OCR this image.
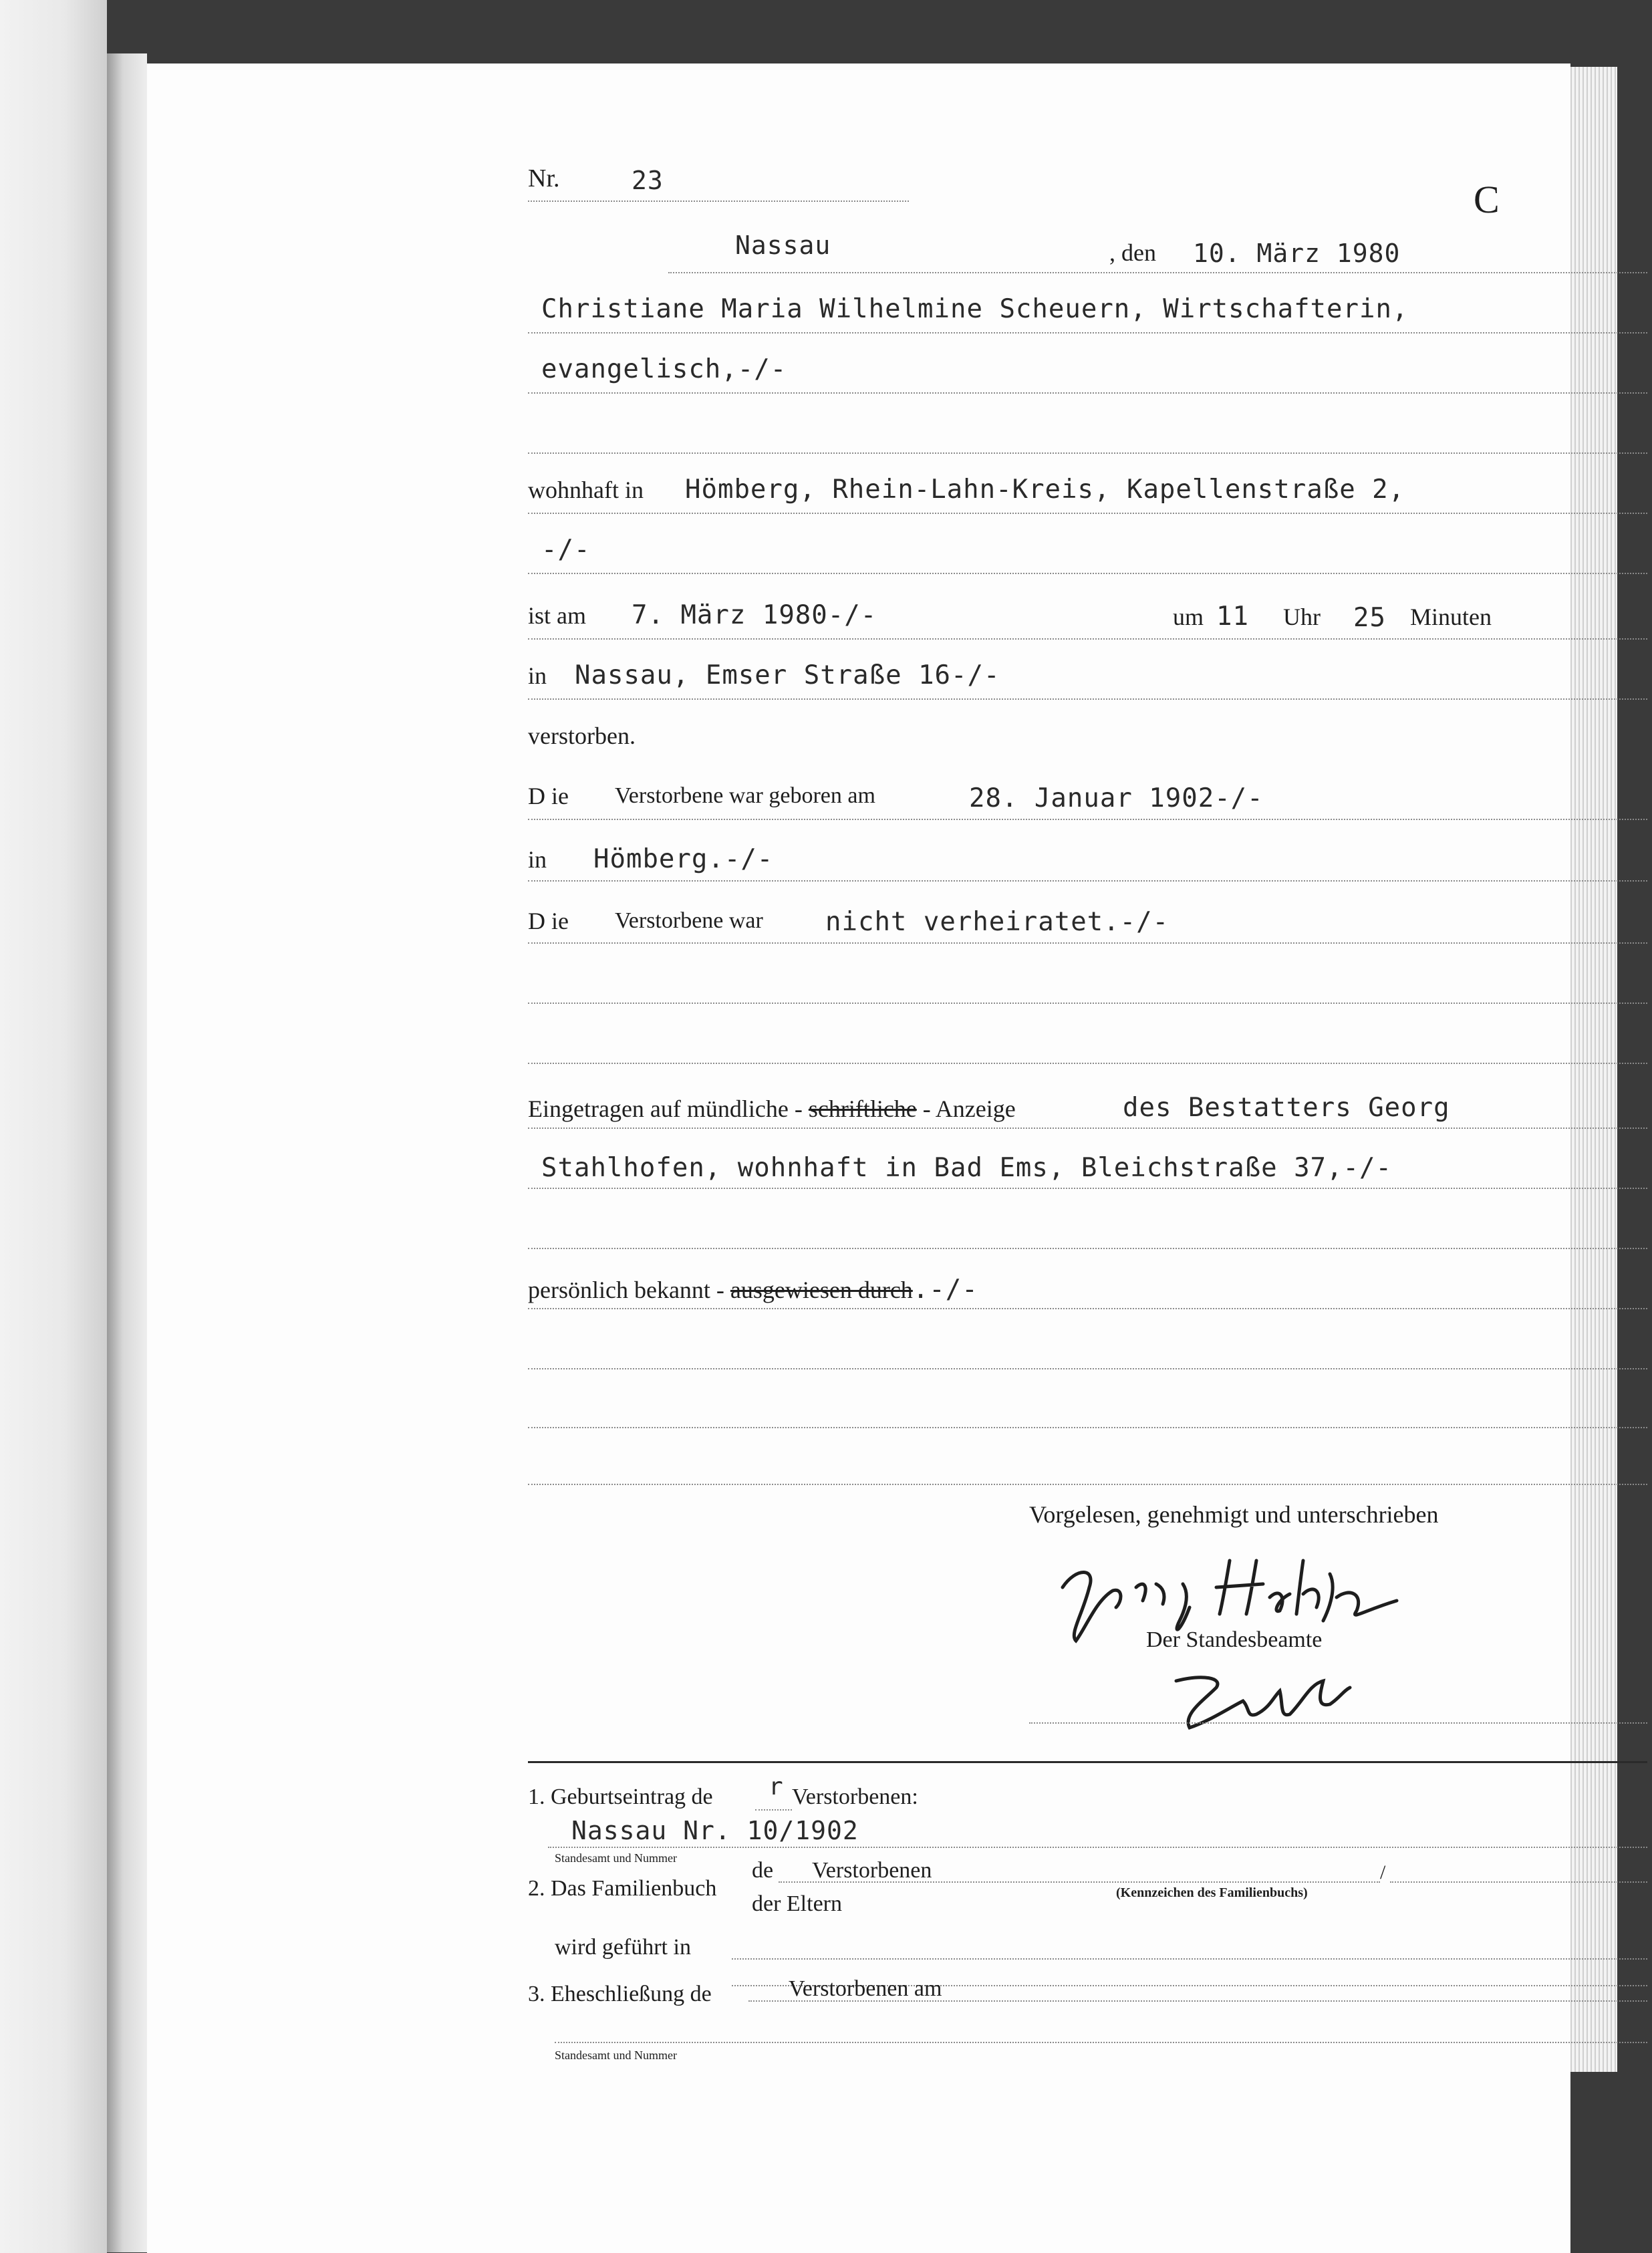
Nr.	23	C
Nassau	, den 10. März 1980
Christiane Maria Wilhelmine Scheuern, Wirtschafterin,
evangelisch,-/-
wohnhaft in Hömberg, Rhein-Lahn-Kreis, Kapellenstraße 2,
-/-
ist am 7. März 1980-/-	um 11 Uhr 25 Minuten
in Nassau, Emser Straße 16-/-
verstorben.
D ie Verstorbene war geboren am	28. Januar 1902-/-
in Hömberg.-/-
D ie Verstorbene war nicht verheiratet.-/-
Eingetragen auf mündliche - schriftliche - Anzeige	des Bestatters Georg
Stahlhofen, wohnhaft in Bad Ems, Bleichstraße 37,-/-
persönlich bekannt - ausgewiesen durch.-/-
Vorgelesen, genehmigt und unterschrieben
Der Standesbeamte
1. Geburtseintrag de r Verstorbenen:
Nassau Nr. 10/1902
Standesamt und Nummer
2. Das Familienbuch
de Verstorbenen	/
der Eltern	(Kennzeichen des Familienbuchs)
wird geführt in
3. Eheschließung de	Verstorbenen am
Standesamt und Nummer
